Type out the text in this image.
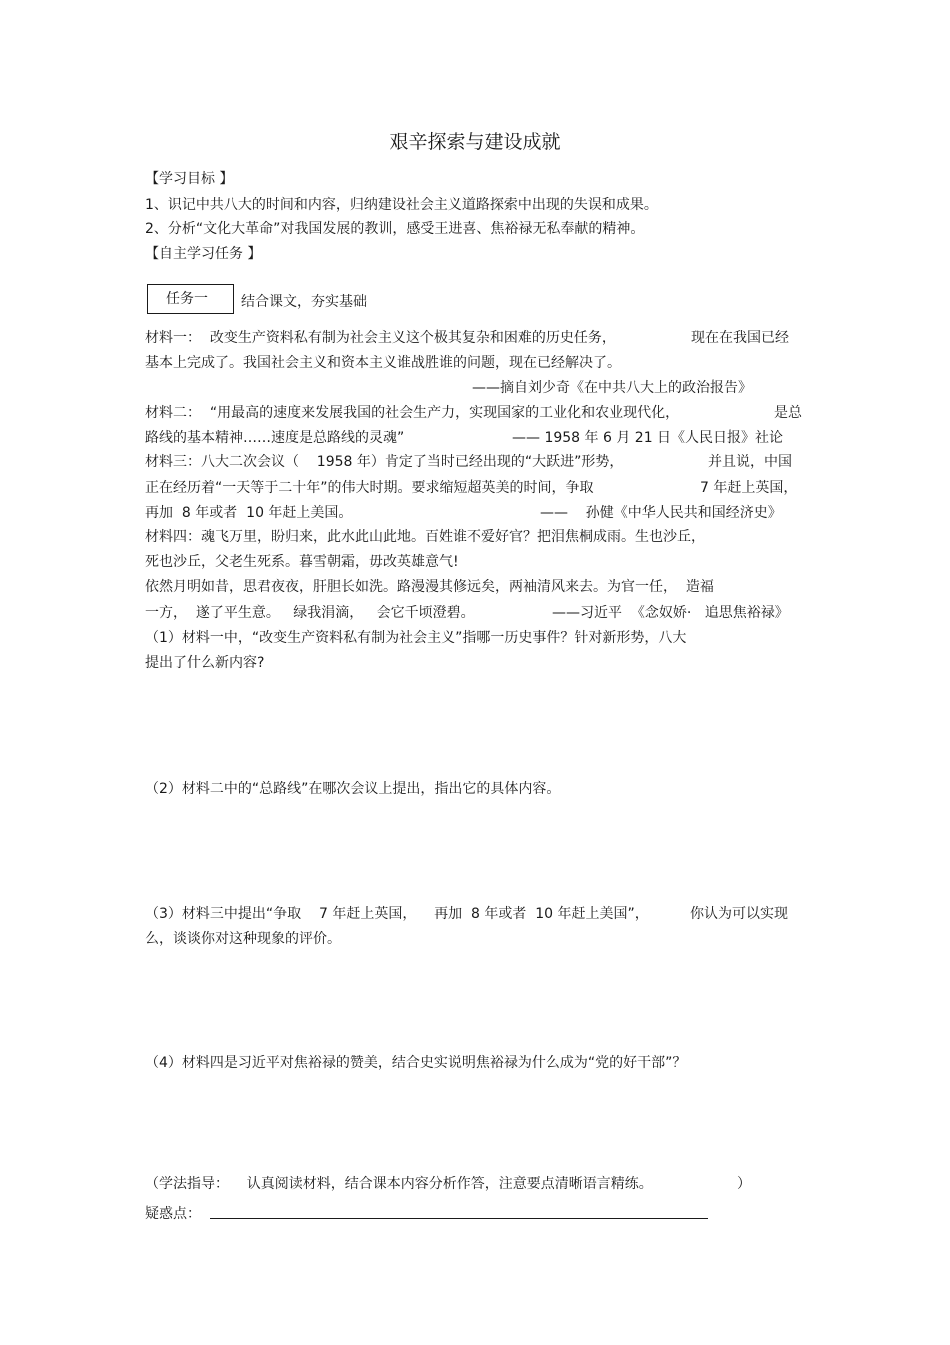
艰辛探索与建设成就
【学习目标 】
1、识记中共八大的时间和内容，归纳建设社会主义道路探索中出现的失误和成果。
2、分析“文化大革命”对我国发展的教训，感受王进喜、焦裕禄无私奉献的精神。
【自主学习任务 】
任务一 结合课文，夯实基础
材料一：  改变生产资料私有制为社会主义这个极其复杂和困难的历史任务，	现在在我国已经
基本上完成了。我国社会主义和资本主义谁战胜谁的问题，现在已经解决了。
——摘自刘少奇《在中共八大上的政治报告》
材料二：  “用最高的速度来发展我国的社会生产力，实现国家的工业化和农业现代化，	是总
路线的基本精神……速度是总路线的灵魂”	—— 1958 年 6 月 21 日《人民日报》社论
材料三：八大二次会议（    1958 年）肯定了当时已经出现的“大跃进”形势，	并且说，中国
正在经历着“一天等于二十年”的伟大时期。要求缩短超英美的时间，争取	7 年赶上英国，
再加  8 年或者  10 年赶上美国。	——    孙健《中华人民共和国经济史》
材料四：魂飞万里，盼归来，此水此山此地。百姓谁不爱好官？把泪焦桐成雨。生也沙丘，
死也沙丘，父老生死系。暮雪朝霜，毋改英雄意气!
依然月明如昔，思君夜夜，肝胆长如洗。路漫漫其修远矣，两袖清风来去。为官一任，  造福
一方，  遂了平生意。   绿我涓滴，   会它千顷澄碧。	——习近平  《念奴娇·   追思焦裕禄》
（1）材料一中，“改变生产资料私有制为社会主义”指哪一历史事件？针对新形势，八大
提出了什么新内容?
（2）材料二中的“总路线”在哪次会议上提出，指出它的具体内容。
（3）材料三中提出“争取    7 年赶上英国，    再加  8 年或者  10 年赶上美国”，	你认为可以实现
么，谈谈你对这种现象的评价。
（4）材料四是习近平对焦裕禄的赞美，结合史实说明焦裕禄为什么成为“党的好干部”？
（学法指导：    认真阅读材料，结合课本内容分析作答，注意要点清晰语言精练。	）
疑惑点：
